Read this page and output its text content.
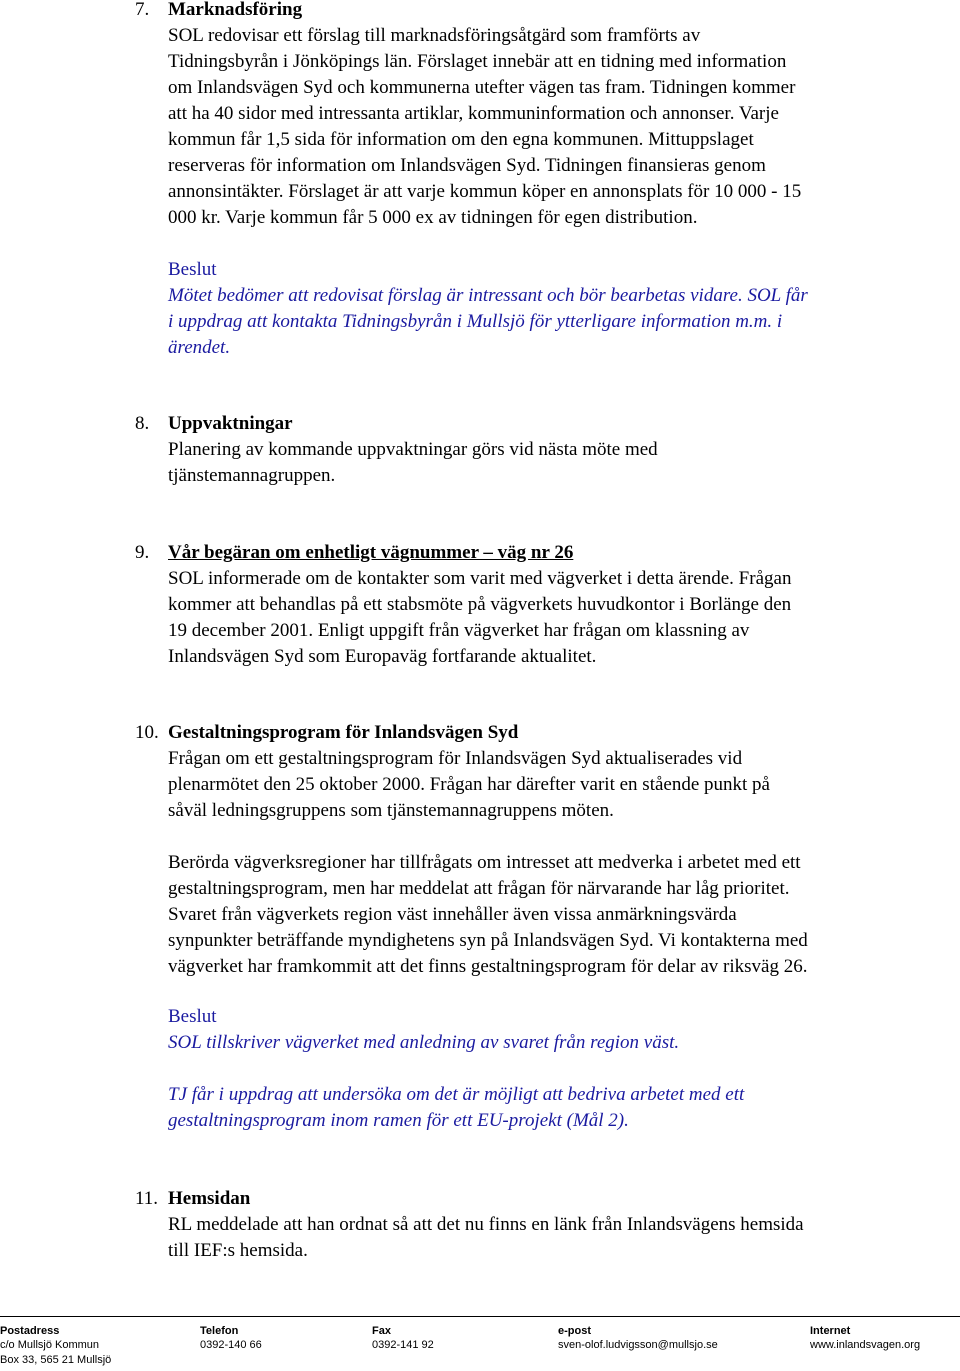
7. Marknadsföring
SOL redovisar ett förslag till marknadsföringsåtgärd som framförts av
Tidningsbyrån i Jönköpings län. Förslaget innebär att en tidning med information
om Inlandsvägen Syd och kommunerna utefter vägen tas fram. Tidningen kommer
att ha 40 sidor med intressanta artiklar, kommuninformation och annonser. Varje
kommun får 1,5 sida för information om den egna kommunen. Mittuppslaget
reserveras för information om Inlandsvägen Syd. Tidningen finansieras genom
annonsintäkter. Förslaget är att varje kommun köper en annonsplats för 10 000 - 15
000 kr. Varje kommun får 5 000 ex av tidningen för egen distribution.
Beslut
Mötet bedömer att redovisat förslag är intressant och bör bearbetas vidare. SOL får
i uppdrag att kontakta Tidningsbyrån i Mullsjö för ytterligare information m.m. i
ärendet.
8. Uppvaktningar
Planering av kommande uppvaktningar görs vid nästa möte med
tjänstemannagruppen.
9. Vår begäran om enhetligt vägnummer – väg nr 26
SOL informerade om de kontakter som varit med vägverket i detta ärende. Frågan
kommer att behandlas på ett stabsmöte på vägverkets huvudkontor i Borlänge den
19 december 2001. Enligt uppgift från vägverket har frågan om klassning av
Inlandsvägen Syd som Europaväg fortfarande aktualitet.
10. Gestaltningsprogram för Inlandsvägen Syd
Frågan om ett gestaltningsprogram för Inlandsvägen Syd aktualiserades vid
plenarmötet den 25 oktober 2000. Frågan har därefter varit en stående punkt på
såväl ledningsgruppens som tjänstemannagruppens möten.
Berörda vägverksregioner har tillfrågats om intresset att medverka i arbetet med ett
gestaltningsprogram, men har meddelat att frågan för närvarande har låg prioritet.
Svaret från vägverkets region väst innehåller även vissa anmärkningsvärda
synpunkter beträffande myndighetens syn på Inlandsvägen Syd. Vi kontakterna med
vägverket har framkommit att det finns gestaltningsprogram för delar av riksväg 26.
Beslut
SOL tillskriver vägverket med anledning av svaret från region väst.
TJ får i uppdrag att undersöka om det är möjligt att bedriva arbetet med ett
gestaltningsprogram inom ramen för ett EU-projekt (Mål 2).
11. Hemsidan
RL meddelade att han ordnat så att det nu finns en länk från Inlandsvägens hemsida
till IEF:s hemsida.
Postadress
c/o Mullsjö Kommun
Box 33, 565 21 Mullsjö
Telefon
0392-140 66
Fax
0392-141 92
e-post
sven-olof.ludvigsson@mullsjo.se
Internet
www.inlandsvagen.org
